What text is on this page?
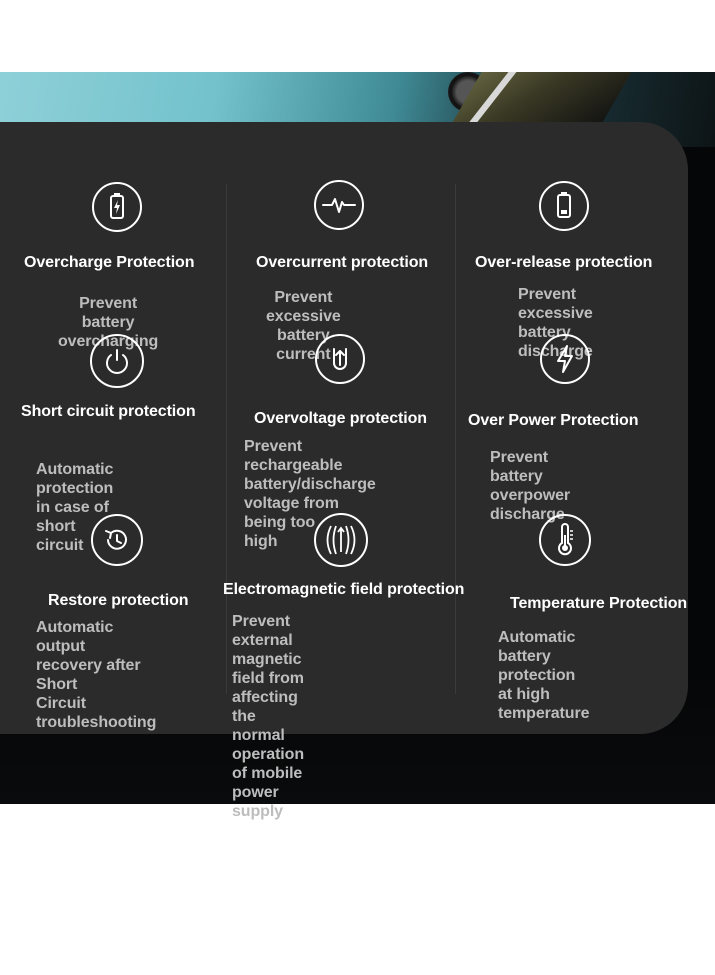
Overcharge Protection
Prevent battery
overcharging
Overcurrent protection
Prevent excessive
battery current
Over-release protection
Prevent excessive
battery discharge
Short circuit protection
Automatic protection
in case of short circuit
Overvoltage protection
Prevent rechargeable
battery/discharge
voltage from being too
high
Over Power Protection
Prevent battery
overpower discharge
Restore protection
Automatic output
recovery after Short
Circuit troubleshooting
Electromagnetic field protection
Prevent external magnetic
field from affecting the
normal operation of mobile
power supply
Temperature Protection
Automatic battery
protection at high
temperature
